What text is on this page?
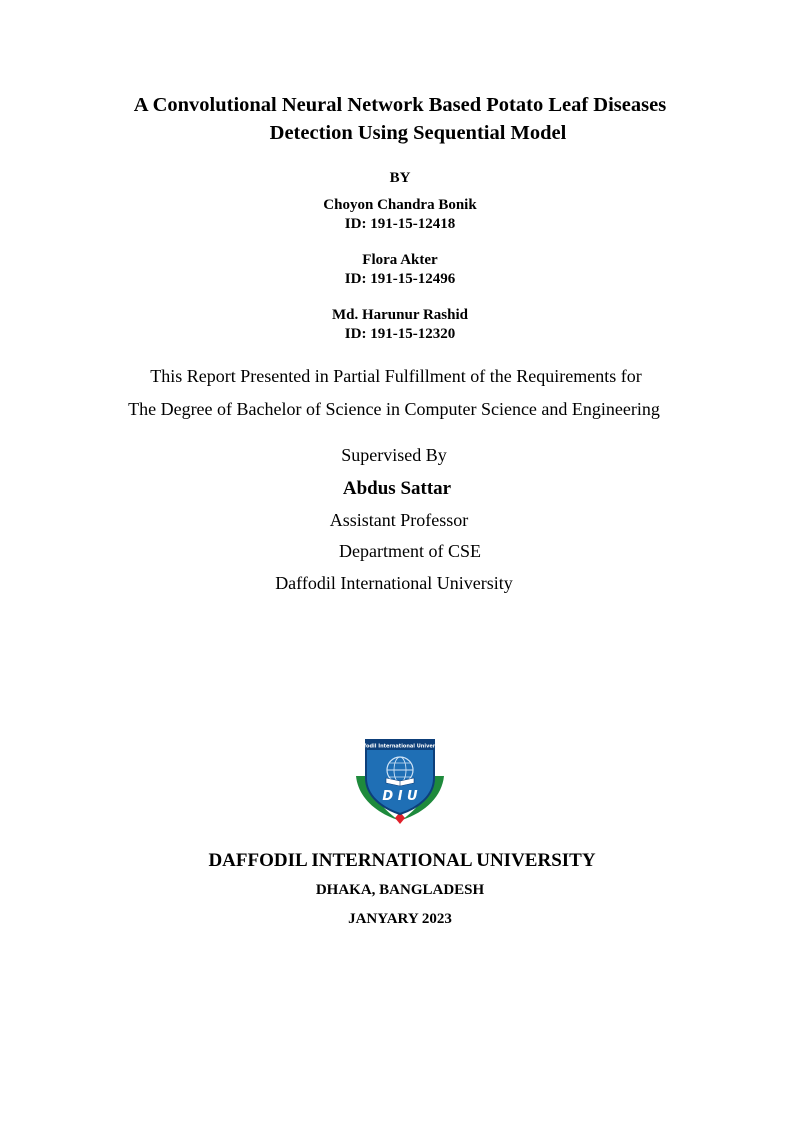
A Convolutional Neural Network Based Potato Leaf Diseases
Detection Using Sequential Model
BY
Choyon Chandra Bonik
ID: 191-15-12418
Flora Akter
ID: 191-15-12496
Md. Harunur Rashid
ID: 191-15-12320
This Report Presented in Partial Fulfillment of the Requirements for
The Degree of Bachelor of Science in Computer Science and Engineering
Supervised By
Abdus Sattar
Assistant Professor
Department of CSE
Daffodil International University
Daffodil International University
D I U
DAFFODIL INTERNATIONAL UNIVERSITY
DHAKA, BANGLADESH
JANYARY 2023
